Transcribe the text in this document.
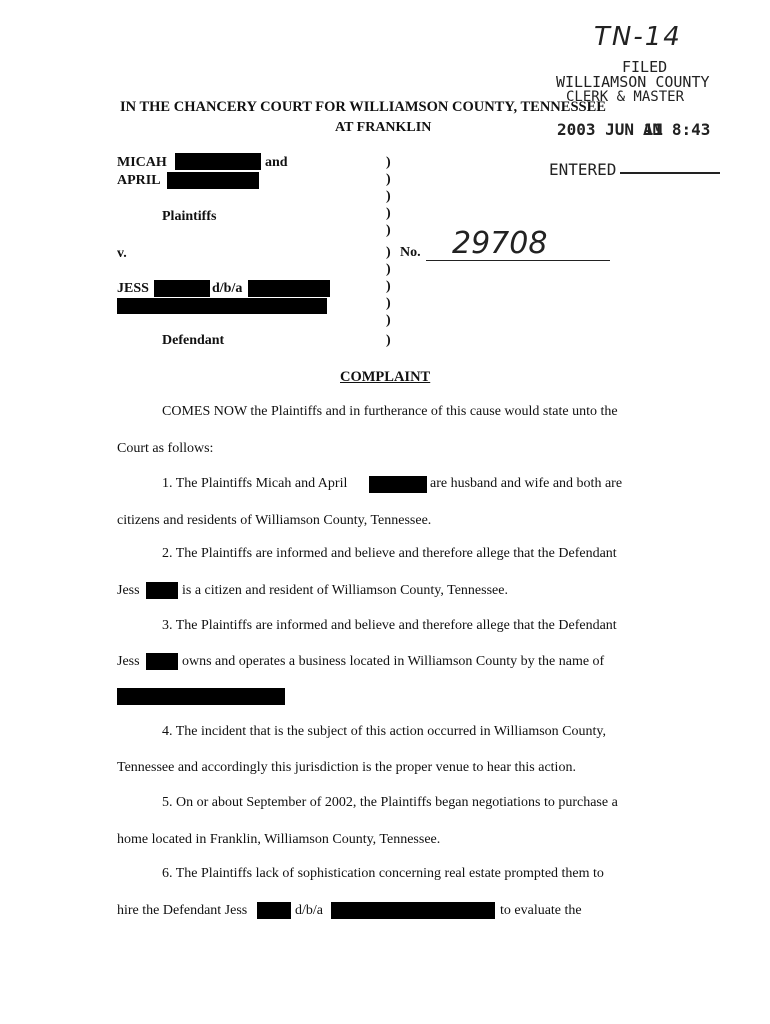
TN-14
FILED
WILLIAMSON COUNTY
CLERK & MASTER
2003 JUN 11
AM 8:43
ENTERED
IN THE CHANCERY COURT FOR WILLIAMSON COUNTY, TENNESSEE
AT FRANKLIN
MICAH	and
APRIL
Plaintiffs
v.
JESS	d/b/a
Defendant
)
)
)
)
)
)
)
)
)
)
)
No. 29708
COMPLAINT
COMES NOW the Plaintiffs and in furtherance of this cause would state unto the
Court as follows:
1. The Plaintiffs Micah and April	are husband and wife and both are
citizens and residents of Williamson County, Tennessee.
2. The Plaintiffs are informed and believe and therefore allege that the Defendant
Jess	is a citizen and resident of Williamson County, Tennessee.
3. The Plaintiffs are informed and believe and therefore allege that the Defendant
Jess	owns and operates a business located in Williamson County by the name of
4. The incident that is the subject of this action occurred in Williamson County,
Tennessee and accordingly this jurisdiction is the proper venue to hear this action.
5. On or about September of 2002, the Plaintiffs began negotiations to purchase a
home located in Franklin, Williamson County, Tennessee.
6. The Plaintiffs lack of sophistication concerning real estate prompted them to
hire the Defendant Jess	d/b/a	to evaluate the
